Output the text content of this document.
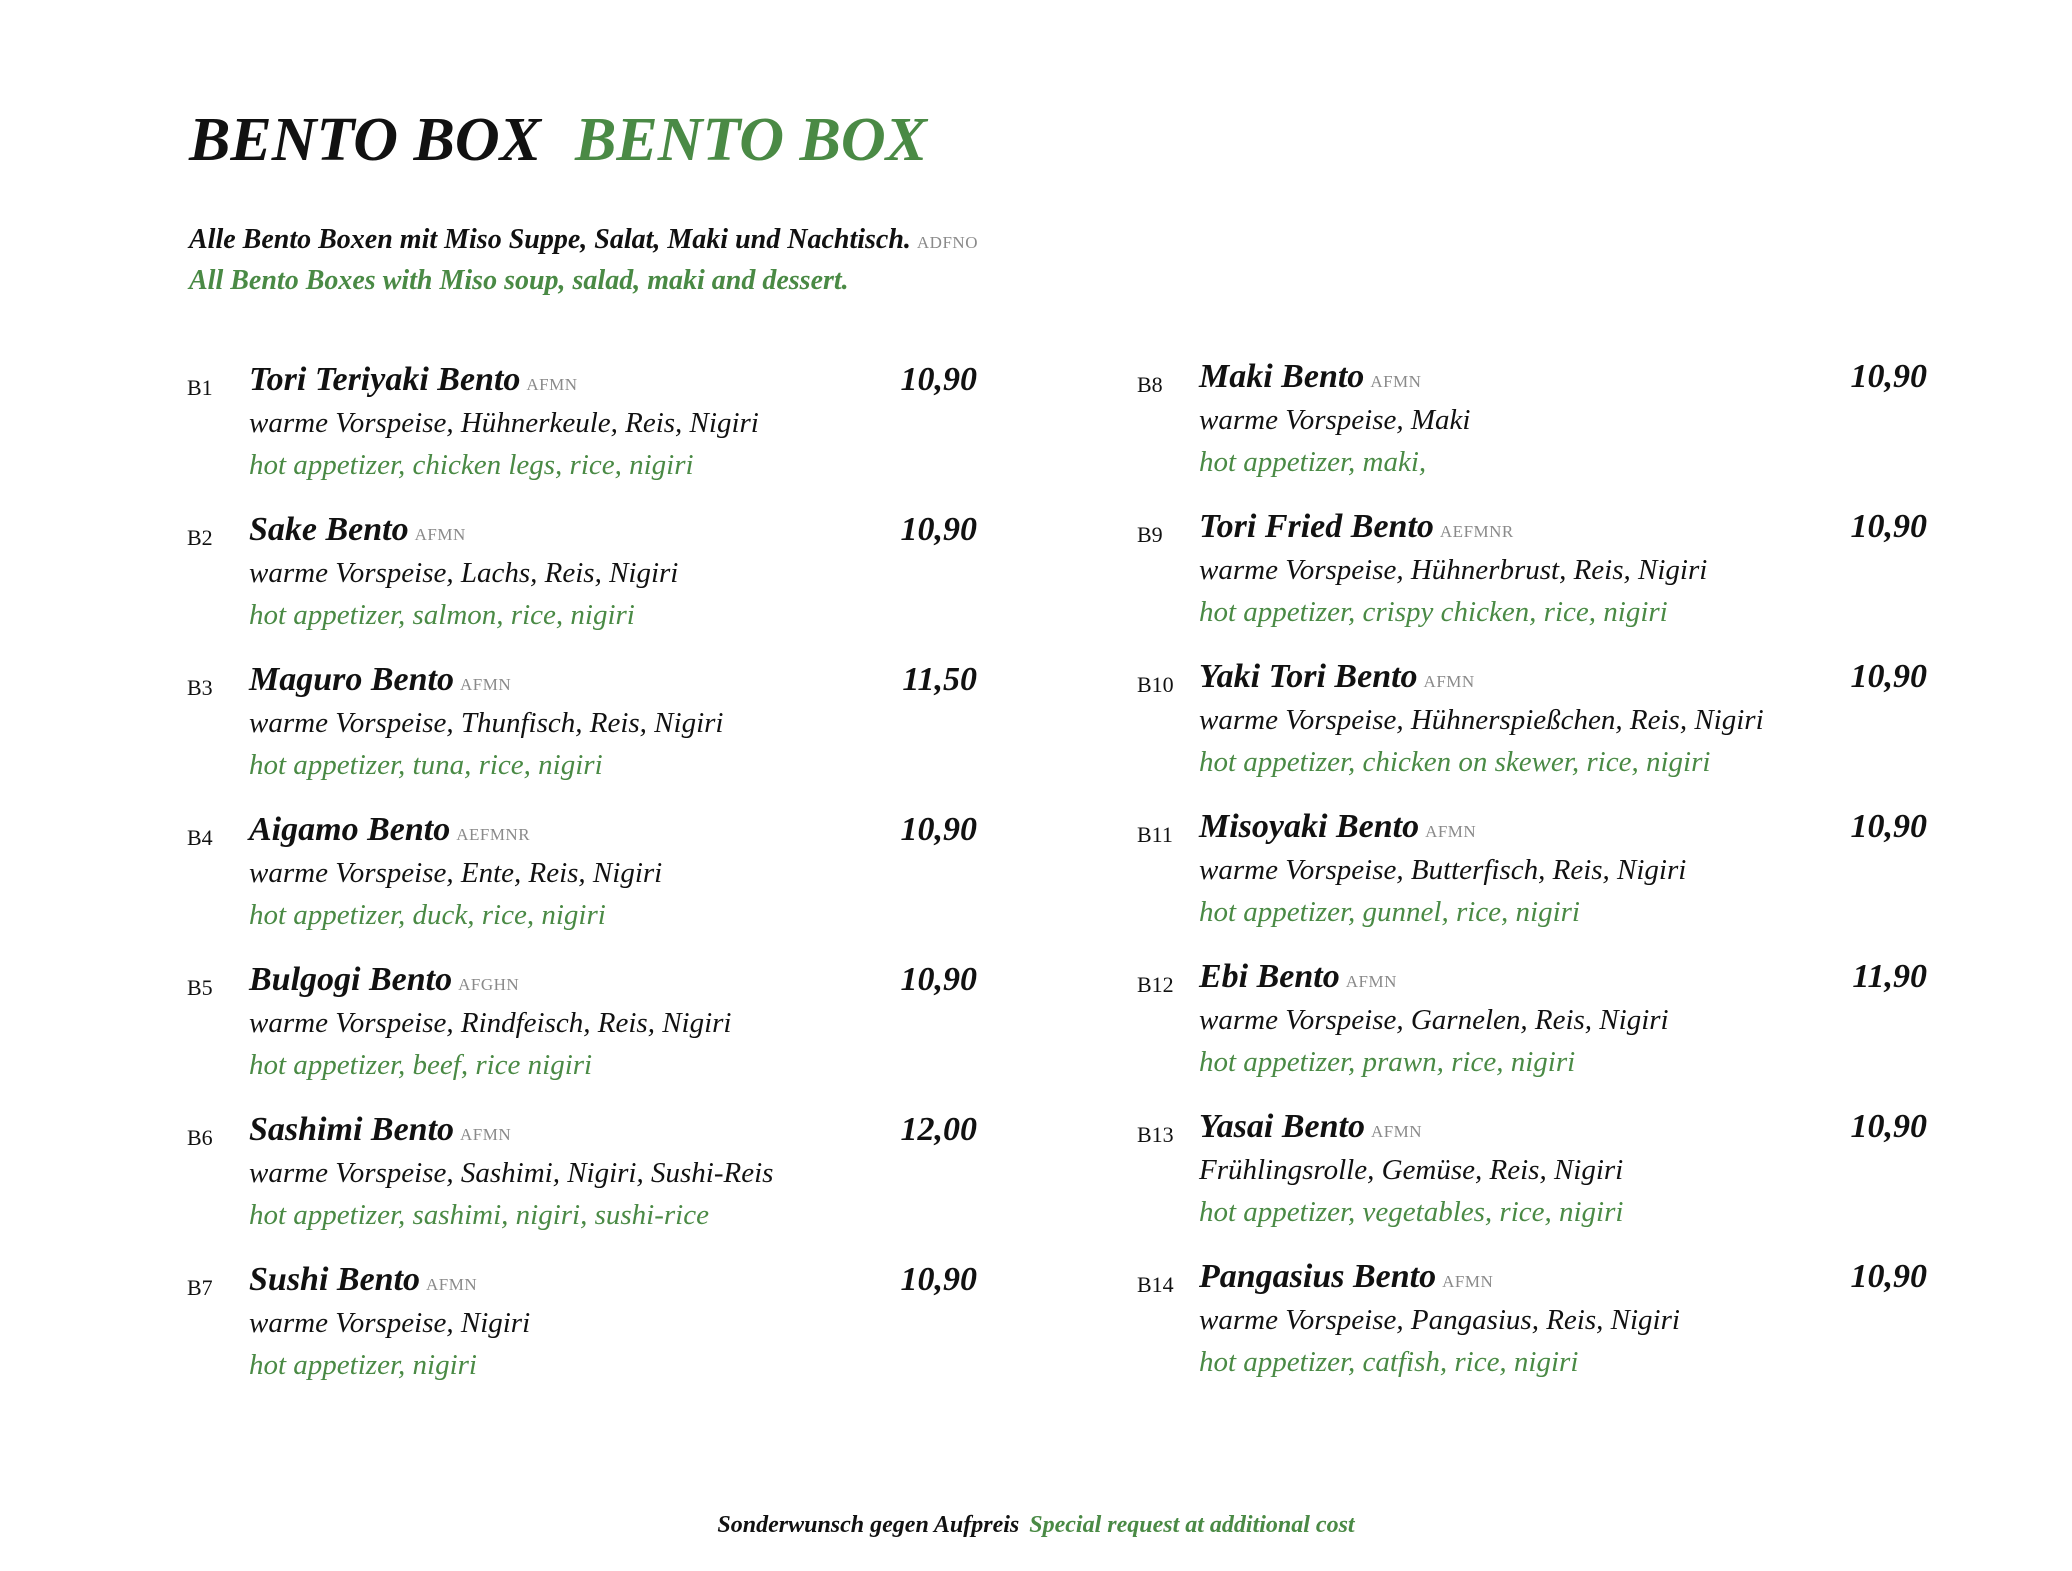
BENTO BOX BENTO BOX
Alle Bento Boxen mit Miso Suppe, Salat, Maki und Nachtisch. ADFNO
All Bento Boxes with Miso soup, salad, maki and dessert.
B1 Tori Teriyaki Bento AFMN	10,90
warme Vorspeise, Hühnerkeule, Reis, Nigiri
hot appetizer, chicken legs, rice, nigiri
B2 Sake Bento AFMN	10,90
warme Vorspeise, Lachs, Reis, Nigiri
hot appetizer, salmon, rice, nigiri
B3 Maguro Bento AFMN	11,50
warme Vorspeise, Thunfisch, Reis, Nigiri
hot appetizer, tuna, rice, nigiri
B4 Aigamo Bento AEFMNR	10,90
warme Vorspeise, Ente, Reis, Nigiri
hot appetizer, duck, rice, nigiri
B5 Bulgogi Bento AFGHN	10,90
warme Vorspeise, Rindfeisch, Reis, Nigiri
hot appetizer, beef, rice nigiri
B6 Sashimi Bento AFMN	12,00
warme Vorspeise, Sashimi, Nigiri, Sushi-Reis
hot appetizer, sashimi, nigiri, sushi-rice
B7 Sushi Bento AFMN	10,90
warme Vorspeise, Nigiri
hot appetizer, nigiri
B8 Maki Bento AFMN	10,90
warme Vorspeise, Maki
hot appetizer, maki,
B9 Tori Fried Bento AEFMNR	10,90
warme Vorspeise, Hühnerbrust, Reis, Nigiri
hot appetizer, crispy chicken, rice, nigiri
B10 Yaki Tori Bento AFMN	10,90
warme Vorspeise, Hühnerspießchen, Reis, Nigiri
hot appetizer, chicken on skewer, rice, nigiri
B11 Misoyaki Bento AFMN	10,90
warme Vorspeise, Butterfisch, Reis, Nigiri
hot appetizer, gunnel, rice, nigiri
B12 Ebi Bento AFMN	11,90
warme Vorspeise, Garnelen, Reis, Nigiri
hot appetizer, prawn, rice, nigiri
B13 Yasai Bento AFMN	10,90
Frühlingsrolle, Gemüse, Reis, Nigiri
hot appetizer, vegetables, rice, nigiri
B14 Pangasius Bento AFMN	10,90
warme Vorspeise, Pangasius, Reis, Nigiri
hot appetizer, catfish, rice, nigiri
Sonderwunsch gegen Aufpreis Special request at additional cost
